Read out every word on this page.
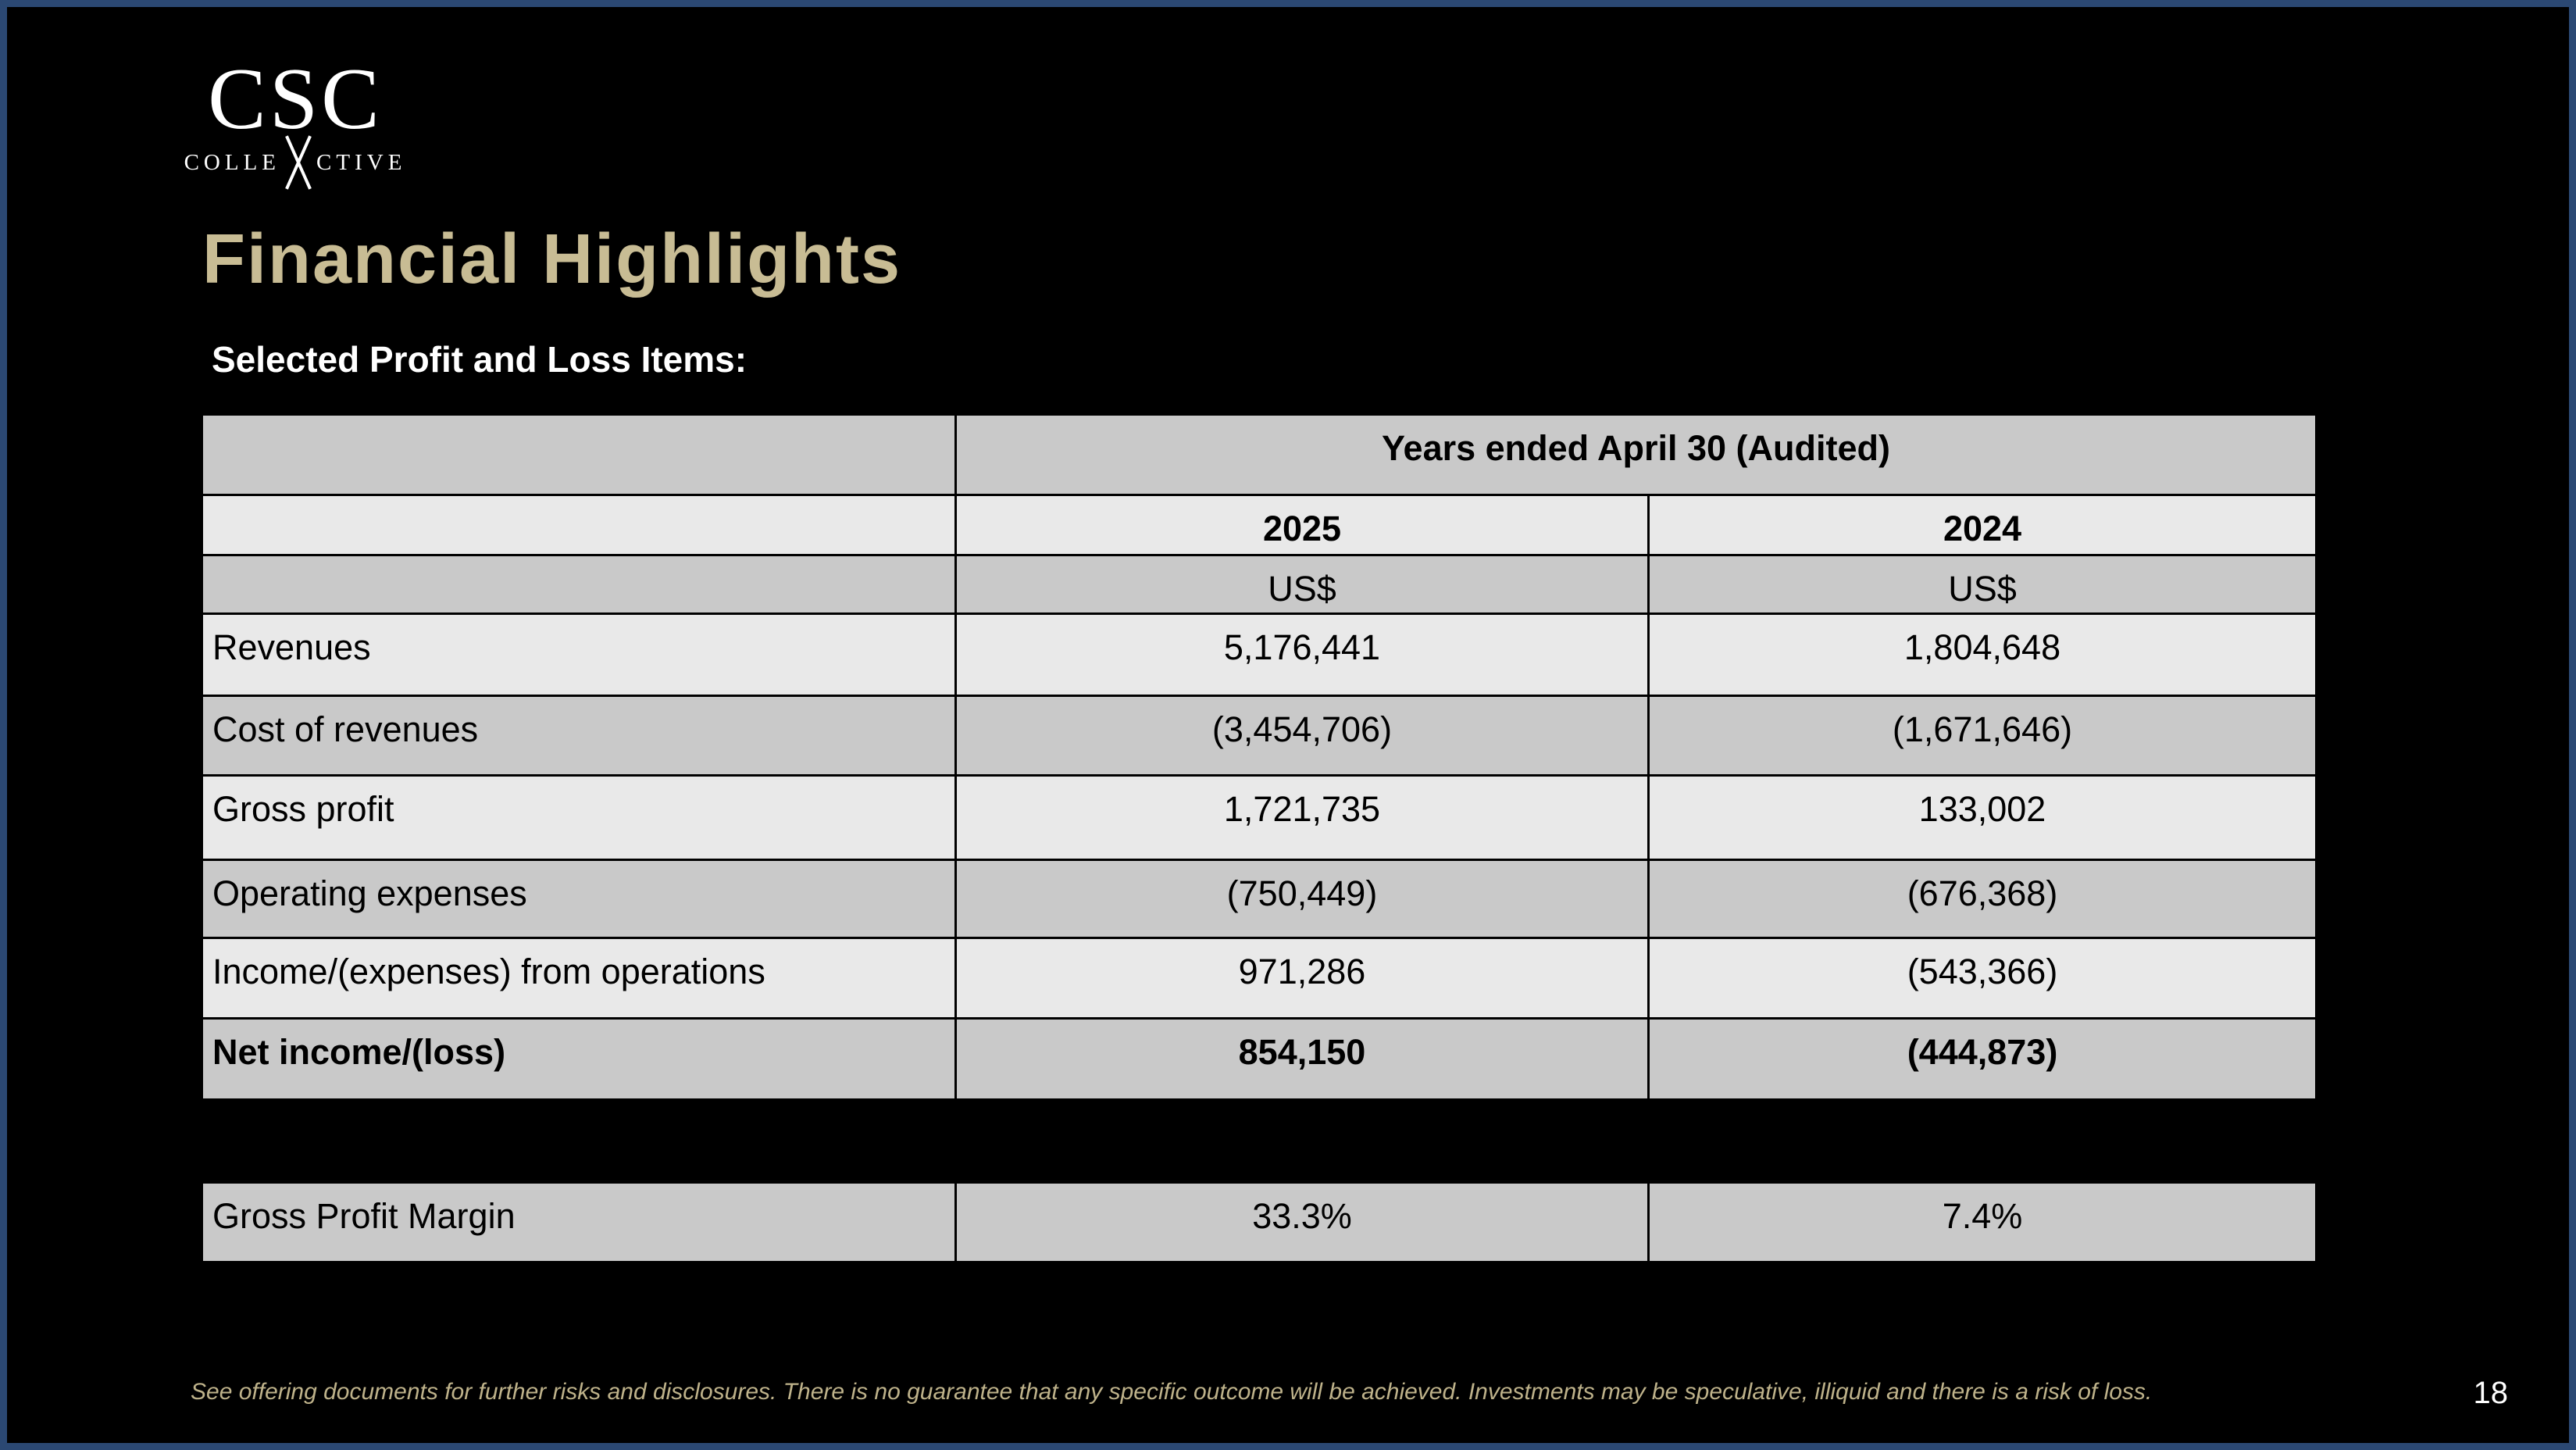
CSC
COLLE CTIVE
Financial Highlights
Selected Profit and Loss Items:
	Years ended April 30 (Audited)	
	2025	2024
	US$	US$
Revenues	5,176,441	1,804,648
Cost of revenues	(3,454,706)	(1,671,646)
Gross profit	1,721,735	133,002
Operating expenses	(750,449)	(676,368)
Income/(expenses) from operations	971,286	(543,366)
Net income/(loss)	854,150	(444,873)
Gross Profit Margin	33.3%	7.4%
See offering documents for further risks and disclosures. There is no guarantee that any specific outcome will be achieved. Investments may be speculative, illiquid and there is a risk of loss.	18
